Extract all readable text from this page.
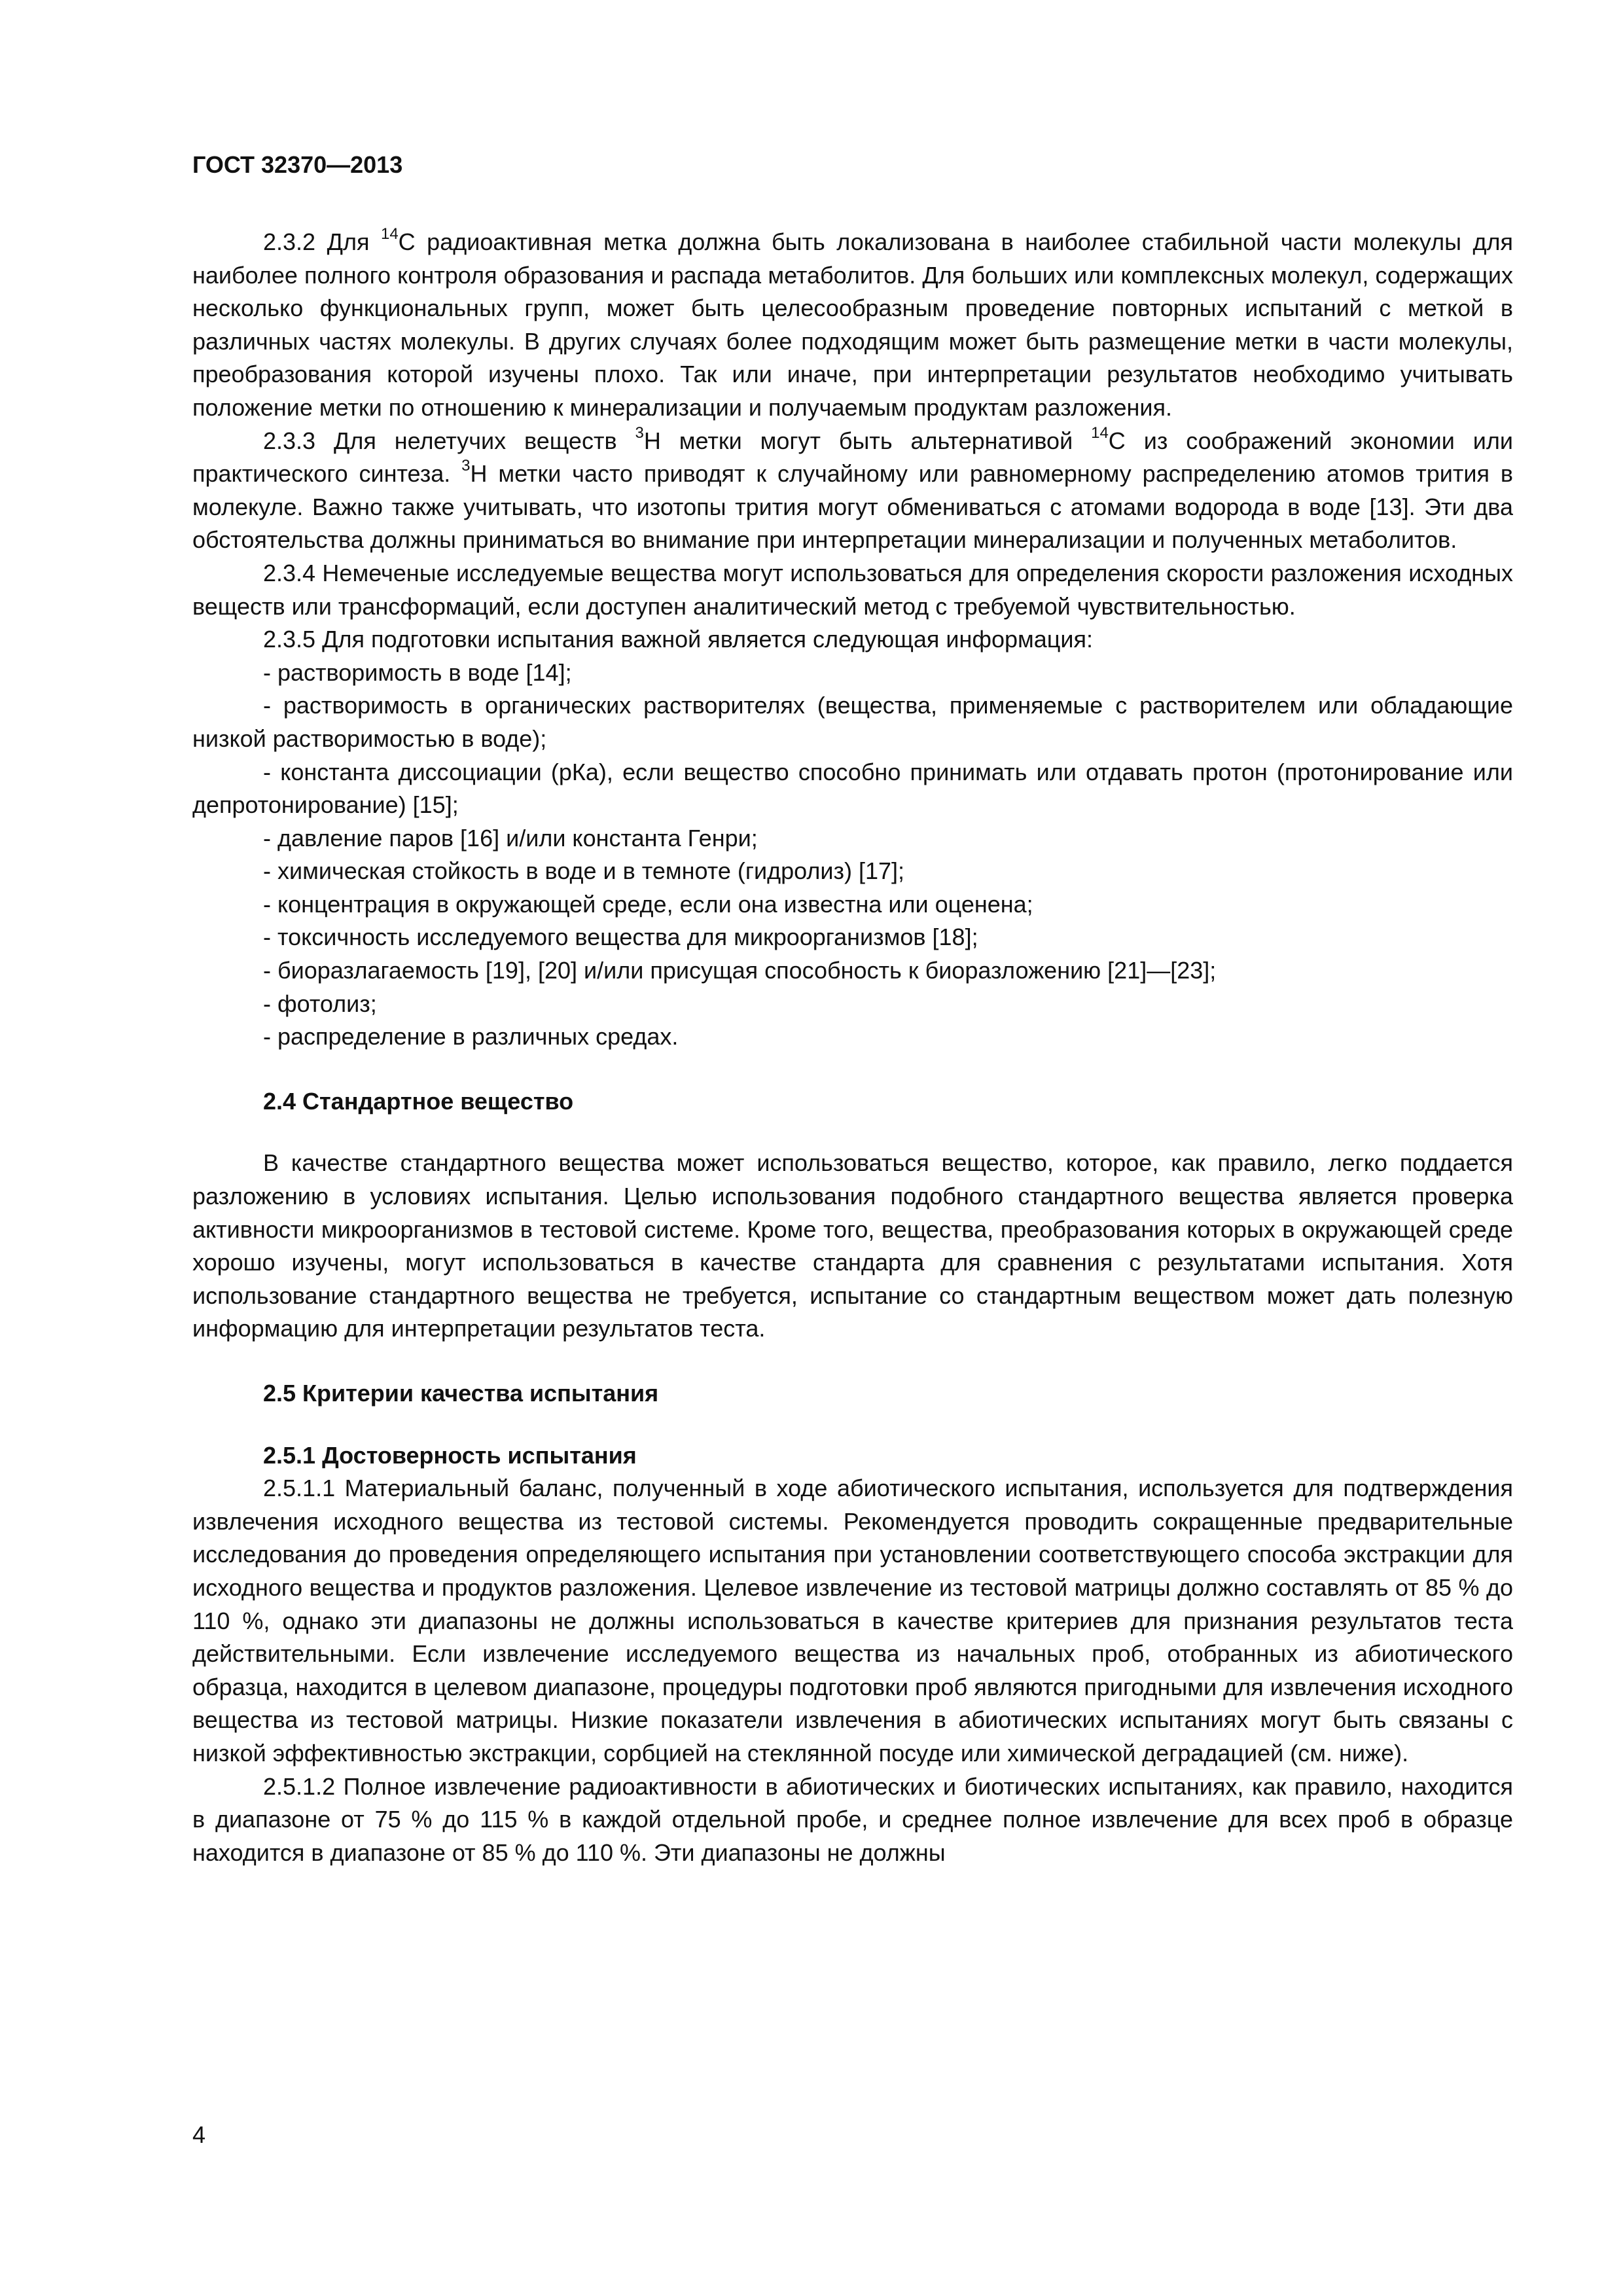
ГОСТ 32370—2013

2.3.2 Для $^{14}$С радиоактивная метка должна быть локализована в наиболее стабильной части молекулы для наиболее полного контроля образования и распада метаболитов. Для больших или комплексных молекул, содержащих несколько функциональных групп, может быть целесообразным проведение повторных испытаний с меткой в различных частях молекулы. В других случаях более подходящим может быть размещение метки в части молекулы, преобразования которой изучены плохо. Так или иначе, при интерпретации результатов необходимо учитывать положение метки по отношению к минерализации и получаемым продуктам разложения.

2.3.3 Для нелетучих веществ $^3$Н метки могут быть альтернативой $^{14}$С из соображений экономии или практического синтеза. $^3$Н метки часто приводят к случайному или равномерному распределению атомов трития в молекуле. Важно также учитывать, что изотопы трития могут обмениваться с атомами водорода в воде [13]. Эти два обстоятельства должны приниматься во внимание при интерпретации минерализации и полученных метаболитов.

2.3.4 Немеченые исследуемые вещества могут использоваться для определения скорости разложения исходных веществ или трансформаций, если доступен аналитический метод с требуемой чувствительностью.

2.3.5 Для подготовки испытания важной является следующая информация:

- растворимость в воде [14];

- растворимость в органических растворителях (вещества, применяемые с растворителем или обладающие низкой растворимостью в воде);

- константа диссоциации (рКа), если вещество способно принимать или отдавать протон (протонирование или депротонирование) [15];

- давление паров [16] и/или константа Генри;

- химическая стойкость в воде и в темноте (гидролиз) [17];

- концентрация в окружающей среде, если она известна или оценена;

- токсичность исследуемого вещества для микроорганизмов [18];

- биоразлагаемость [19], [20] и/или присущая способность к биоразложению [21]—[23];

- фотолиз;

- распределение в различных средах.

2.4 Стандартное вещество

В качестве стандартного вещества может использоваться вещество, которое, как правило, легко поддается разложению в условиях испытания. Целью использования подобного стандартного вещества является проверка активности микроорганизмов в тестовой системе. Кроме того, вещества, преобразования которых в окружающей среде хорошо изучены, могут использоваться в качестве стандарта для сравнения с результатами испытания. Хотя использование стандартного вещества не требуется, испытание со стандартным веществом может дать полезную информацию для интерпретации результатов теста.

2.5 Критерии качества испытания

2.5.1 Достоверность испытания

2.5.1.1 Материальный баланс, полученный в ходе абиотического испытания, используется для подтверждения извлечения исходного вещества из тестовой системы. Рекомендуется проводить сокращенные предварительные исследования до проведения определяющего испытания при установлении соответствующего способа экстракции для исходного вещества и продуктов разложения. Целевое извлечение из тестовой матрицы должно составлять от 85 % до 110 %, однако эти диапазоны не должны использоваться в качестве критериев для признания результатов теста действительными. Если извлечение исследуемого вещества из начальных проб, отобранных из абиотического образца, находится в целевом диапазоне, процедуры подготовки проб являются пригодными для извлечения исходного вещества из тестовой матрицы. Низкие показатели извлечения в абиотических испытаниях могут быть связаны с низкой эффективностью экстракции, сорбцией на стеклянной посуде или химической деградацией (см. ниже).

2.5.1.2 Полное извлечение радиоактивности в абиотических и биотических испытаниях, как правило, находится в диапазоне от 75 % до 115 % в каждой отдельной пробе, и среднее полное извлечение для всех проб в образце находится в диапазоне от 85 % до 110 %. Эти диапазоны не должны

4
